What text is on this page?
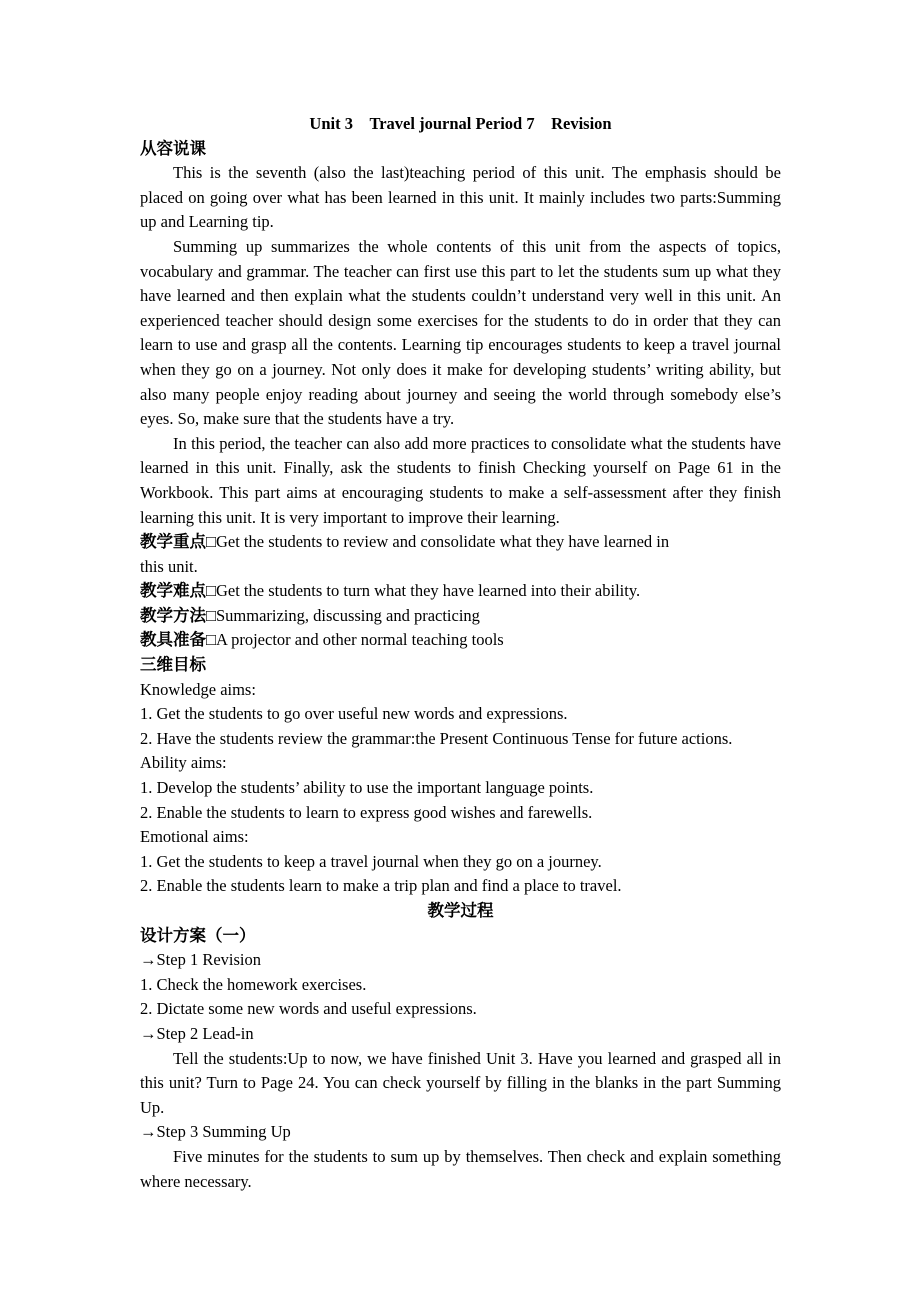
Unit 3　Travel journal Period 7　Revision

从容说课

This is the seventh (also the last)teaching period of this unit. The emphasis should be placed on going over what has been learned in this unit. It mainly includes two parts:Summing up and Learning tip.

Summing up summarizes the whole contents of this unit from the aspects of topics, vocabulary and grammar. The teacher can first use this part to let the students sum up what they have learned and then explain what the students couldn’t understand very well in this unit. An experienced teacher should design some exercises for the students to do in order that they can learn to use and grasp all the contents. Learning tip encourages students to keep a travel journal when they go on a journey. Not only does it make for developing students’ writing ability, but also many people enjoy reading about journey and seeing the world through somebody else’s eyes. So, make sure that the students have a try.

In this period, the teacher can also add more practices to consolidate what the students have learned in this unit. Finally, ask the students to finish Checking yourself on Page 61 in the Workbook. This part aims at encouraging students to make a self-assessment after they finish learning this unit. It is very important to improve their learning.

教学重点□Get the students to review and consolidate what they have learned in
this unit.

教学难点□Get the students to turn what they have learned into their ability.

教学方法□Summarizing, discussing and practicing

教具准备□A projector and other normal teaching tools

三维目标

Knowledge aims:

1. Get the students to go over useful new words and expressions.

2. Have the students review the grammar:the Present Continuous Tense for future actions.

Ability aims:

1. Develop the students’ ability to use the important language points.

2. Enable the students to learn to express good wishes and farewells.

Emotional aims:

1. Get the students to keep a travel journal when they go on a journey.

2. Enable the students learn to make a trip plan and find a place to travel.

教学过程

设计方案（一）

→Step 1 Revision

1. Check the homework exercises.

2. Dictate some new words and useful expressions.

→Step 2 Lead-in

Tell the students:Up to now, we have finished Unit 3. Have you learned and grasped all in this unit? Turn to Page 24. You can check yourself by filling in the blanks in the part Summing Up.

→Step 3 Summing Up

Five minutes for the students to sum up by themselves. Then check and explain something where necessary.
